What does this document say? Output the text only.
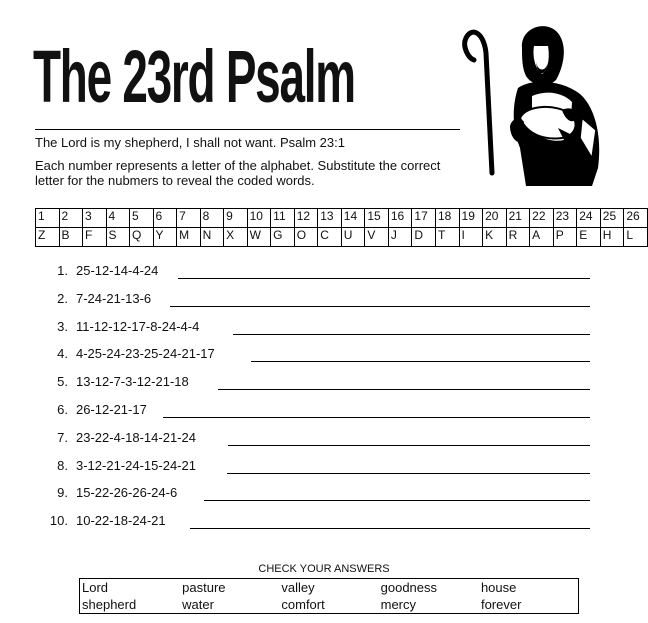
The 23rd Psalm
The Lord is my shepherd, I shall not want. Psalm 23:1
Each number represents a letter of the alphabet. Substitute the correct letter for the nubmers to reveal the coded words.
1	2	3	4	5	6	7	8	9	10	11	12	13	14	15	16	17	18	19	20	21	22	23	24	25	26
Z	B	F	S	Q	Y	M	N	X	W	G	O	C	U	V	J	D	T	I	K	R	A	P	E	H	L
1. 25-12-14-4-24
2. 7-24-21-13-6
3. 11-12-12-17-8-24-4-4
4. 4-25-24-23-25-24-21-17
5. 13-12-7-3-12-21-18
6. 26-12-21-17
7. 23-22-4-18-14-21-24
8. 3-12-21-24-15-24-21
9. 15-22-26-26-24-6
10. 10-22-18-24-21
CHECK YOUR ANSWERS
Lord	pasture	valley	goodness	house
shepherd	water	comfort	mercy	forever
